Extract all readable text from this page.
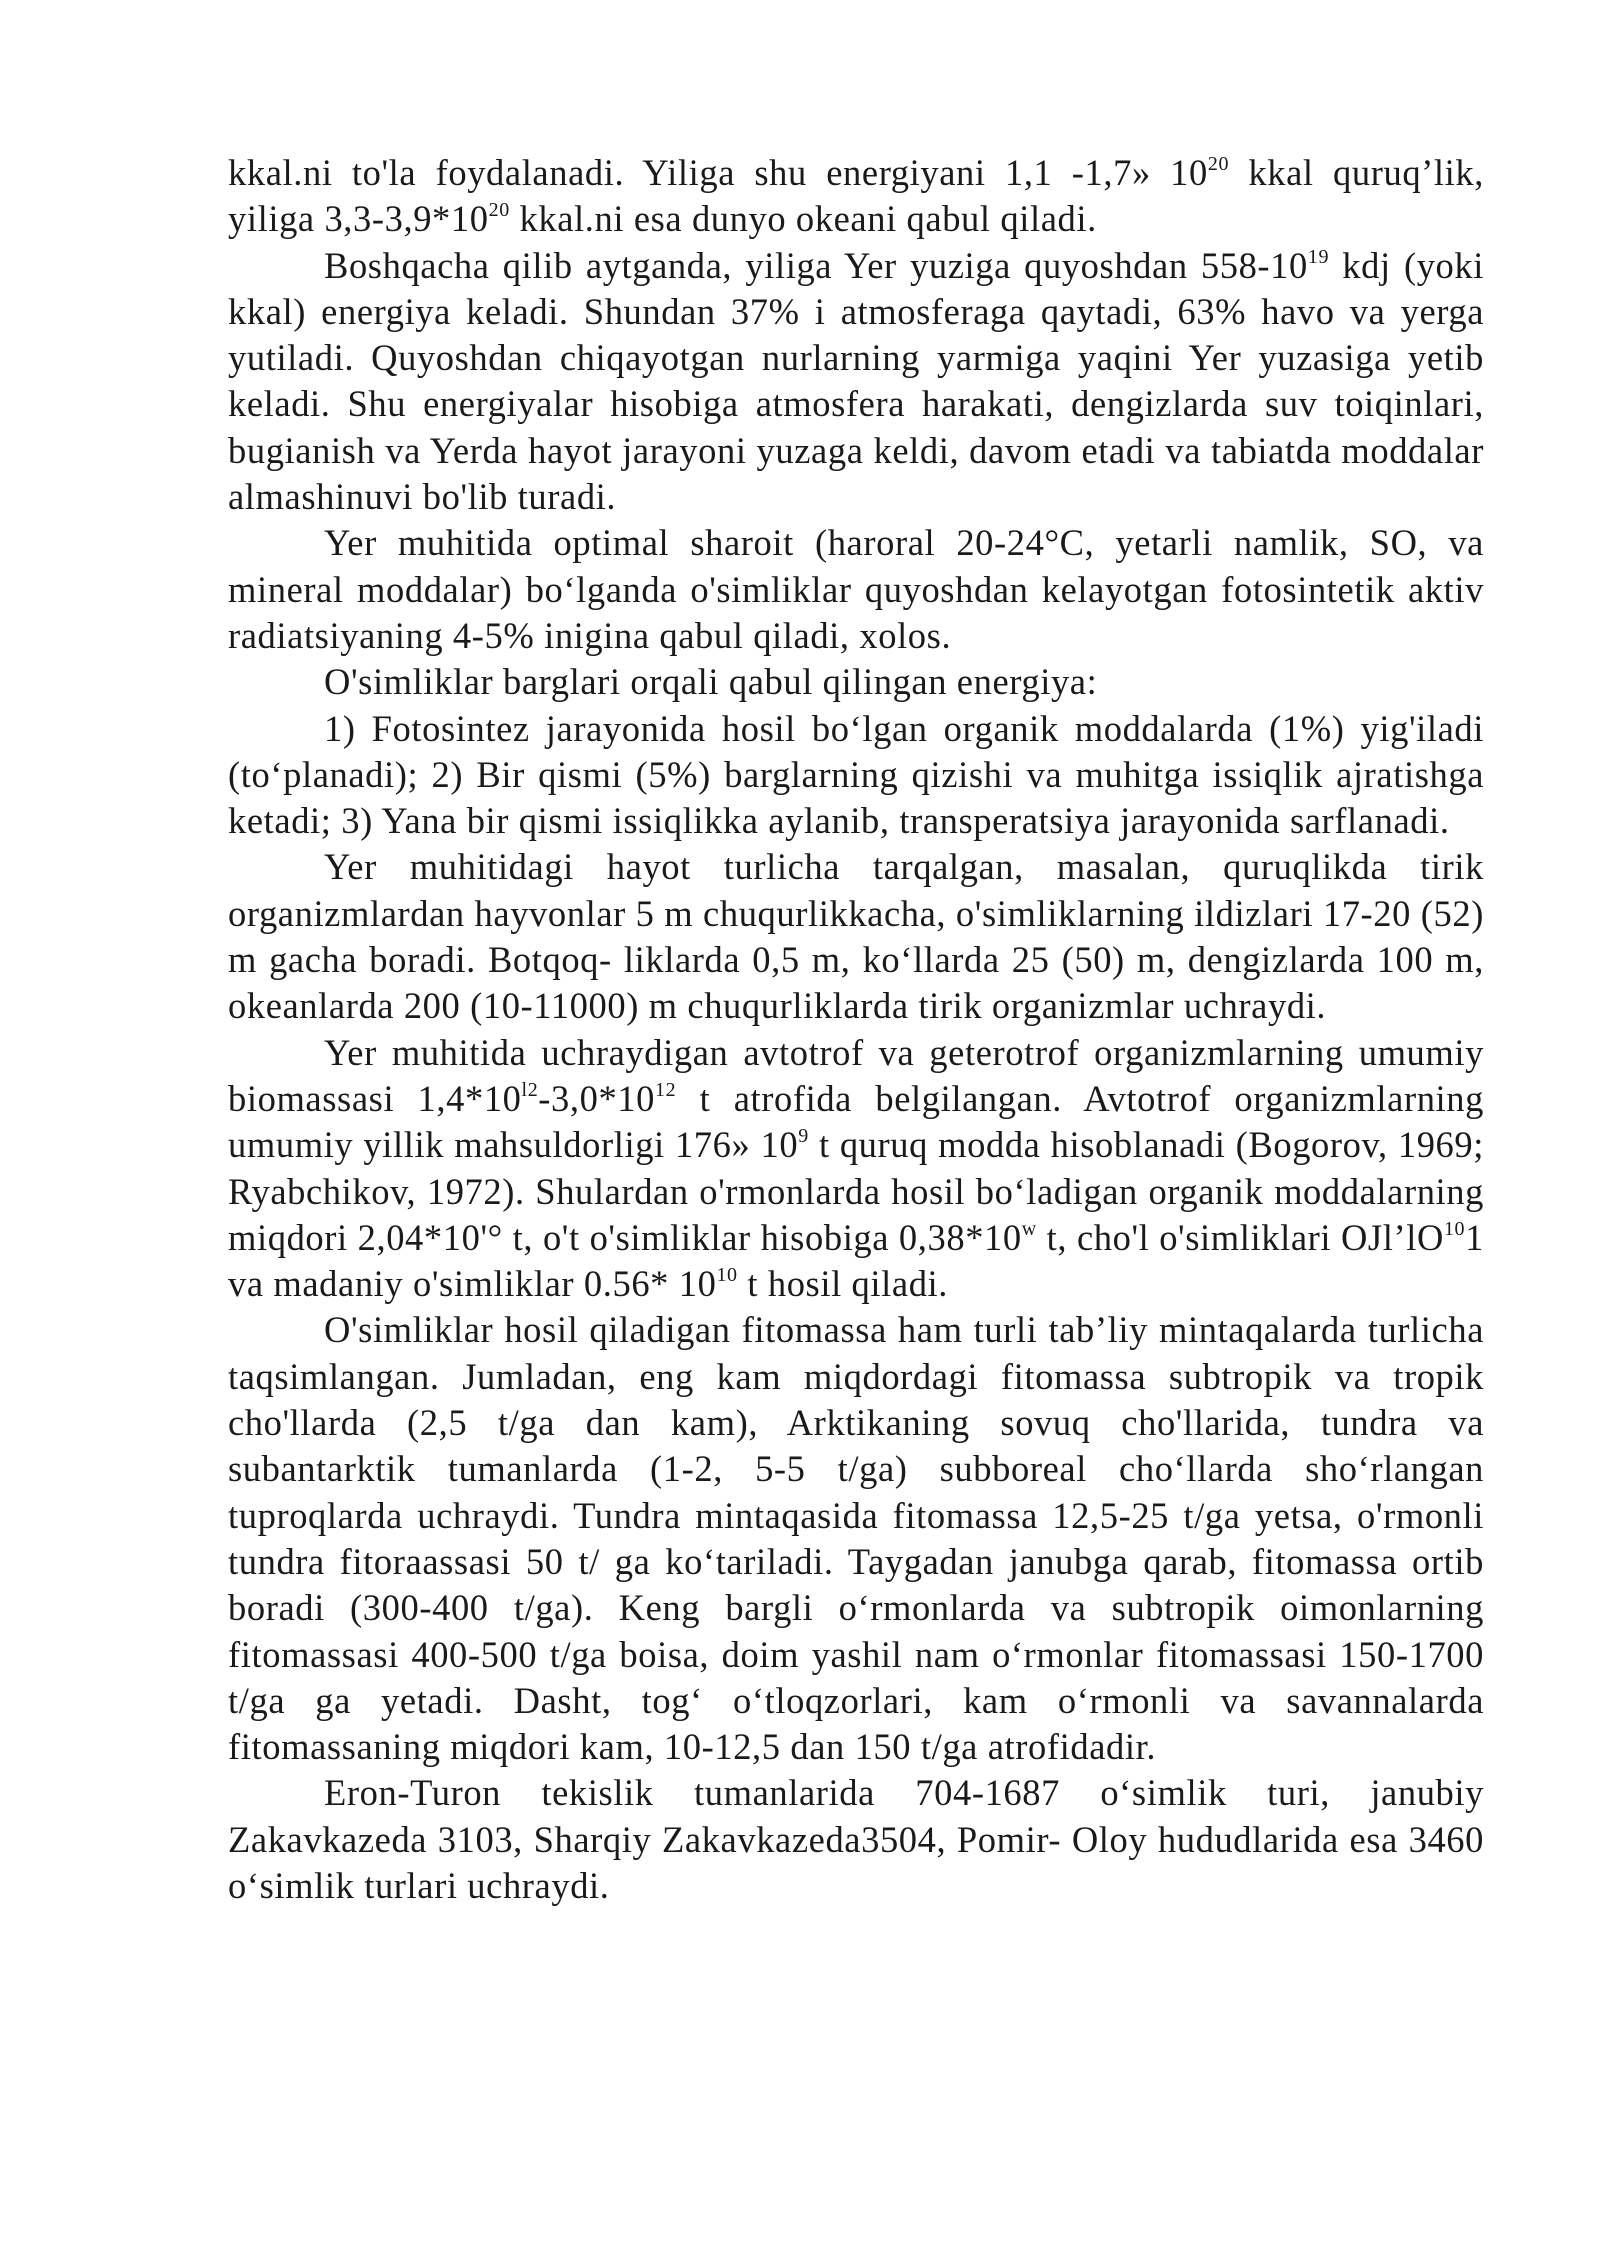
kkal.ni to'la foydalanadi. Yiliga shu energiyani 1,1 -1,7» $10^{20}$ kkal quruq’lik, yiliga $3,3-3,9*10^{20}$ kkal.ni esa dunyo okeani qabul qiladi.

Boshqacha qilib aytganda, yiliga Yer yuziga quyoshdan $558-10^{19}$ kdj (yoki kkal) energiya keladi. Shundan 37% i atmosferaga qaytadi, 63% havo va yerga yutiladi. Quyoshdan chiqayotgan nurlarning yarmiga yaqini Yer yuzasiga yetib keladi. Shu energiyalar hisobiga atmosfera harakati, dengizlarda suv toiqinlari, bugianish va Yerda hayot jarayoni yuzaga keldi, davom etadi va tabiatda moddalar almashinuvi bo'lib turadi.

Yer muhitida optimal sharoit (haroral 20-24°C, yetarli namlik, SO, va mineral moddalar) bo‘lganda o'simliklar quyoshdan kelayotgan fotosintetik aktiv radiatsiyaning 4-5% inigina qabul qiladi, xolos.

O'simliklar barglari orqali qabul qilingan energiya:

1) Fotosintez jarayonida hosil bo‘lgan organik moddalarda (1%) yig'iladi (to‘planadi); 2) Bir qismi (5%) barglarning qizishi va muhitga issiqlik ajratishga ketadi; 3) Yana bir qismi issiqlikka aylanib, transperatsiya jarayonida sarflanadi.

Yer muhitidagi hayot turlicha tarqalgan, masalan, quruqlikda tirik organizmlardan hayvonlar 5 m chuqurlikkacha, o'simliklarning ildizlari 17-20 (52) m gacha boradi. Botqoq- liklarda 0,5 m, ko‘llarda 25 (50) m, dengizlarda 100 m, okeanlarda 200 (10-11000) m chuqurliklarda tirik organizmlar uchraydi.

Yer muhitida uchraydigan avtotrof va geterotrof organizmlarning umumiy biomassasi $1,4*10^{l2}-3,0*10^{12}$ t atrofida belgilangan. Avtotrof organizmlarning umumiy yillik mahsuldorligi 176» $10^9$ t quruq modda hisoblanadi (Bogorov, 1969; Ryabchikov, 1972). Shulardan o'rmonlarda hosil bo‘ladigan organik moddalarning miqdori 2,04*10'° t, o't o'simliklar hisobiga 0,38*10$^w$ t, cho'l o'simliklari $OJl’lO^{10}1$ va madaniy o'simliklar 0.56* $10^{10}$ t hosil qiladi.

O'simliklar hosil qiladigan fitomassa ham turli tab’liy mintaqalarda turlicha taqsimlangan. Jumladan, eng kam miqdordagi fitomassa subtropik va tropik cho'llarda (2,5 t/ga dan kam), Arktikaning sovuq cho'llarida, tundra va subantarktik tumanlarda (1-2, 5-5 t/ga) subboreal cho‘llarda sho‘rlangan tuproqlarda uchraydi. Tundra mintaqasida fitomassa 12,5-25 t/ga yetsa, o'rmonli tundra fitoraassasi 50 t/ ga ko‘tariladi. Taygadan janubga qarab, fitomassa ortib boradi (300-400 t/ga). Keng bargli o‘rmonlarda va subtropik oimonlarning fitomassasi 400-500 t/ga boisa, doim yashil nam o‘rmonlar fitomassasi 150-1700 t/ga ga yetadi. Dasht, tog‘ o‘tloqzorlari, kam o‘rmonli va savannalarda fitomassaning miqdori kam, 10-12,5 dan 150 t/ga atrofidadir.

Eron-Turon tekislik tumanlarida 704-1687 o‘simlik turi, janubiy Zakavkazeda 3103, Sharqiy Zakavkazeda3504, Pomir- Oloy hududlarida esa 3460 o‘simlik turlari uchraydi.
